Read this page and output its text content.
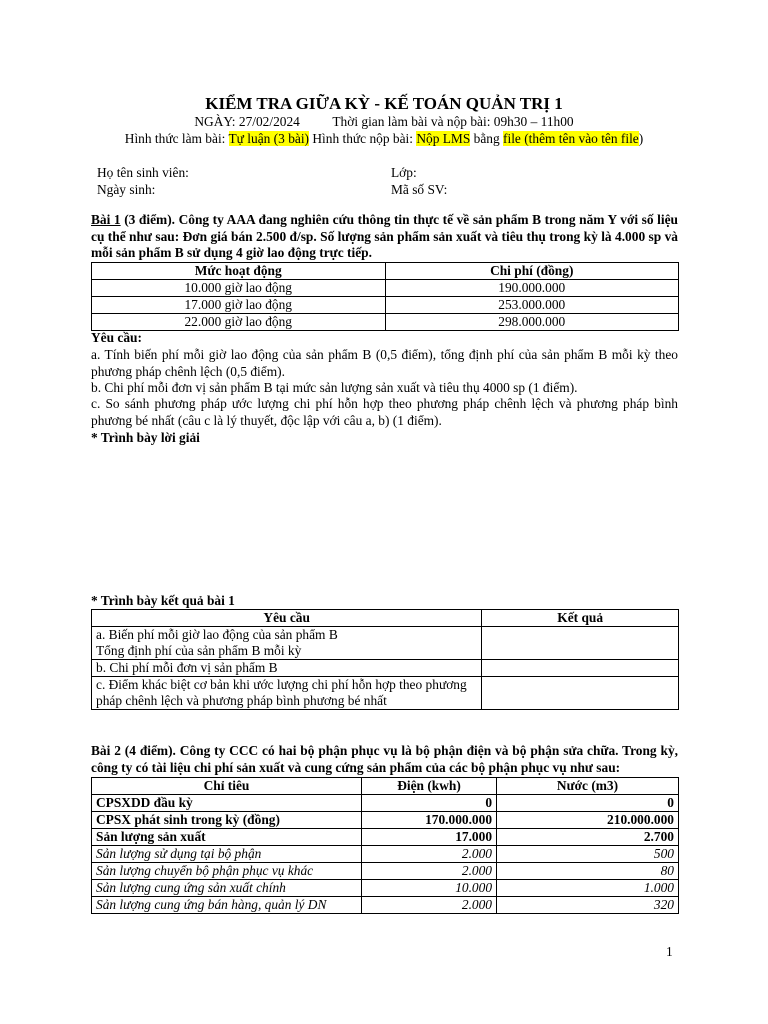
KIỂM TRA GIỮA KỲ - KẾ TOÁN QUẢN TRỊ 1
NGÀY: 27/02/2024 Thời gian làm bài và nộp bài: 09h30 – 11h00
Hình thức làm bài: Tự luận (3 bài) Hình thức nộp bài: Nộp LMS bằng file (thêm tên vào tên file)
Họ tên sinh viên:	Lớp:
Ngày sinh:	Mã số SV:
Bài 1 (3 điểm). Công ty AAA đang nghiên cứu thông tin thực tế về sản phẩm B trong năm Y với số liệu cụ thể như sau: Đơn giá bán 2.500 đ/sp. Số lượng sản phẩm sản xuất và tiêu thụ trong kỳ là 4.000 sp và mỗi sản phẩm B sử dụng 4 giờ lao động trực tiếp.
Mức hoạt động	Chi phí (đồng)
10.000 giờ lao động	190.000.000
17.000 giờ lao động	253.000.000
22.000 giờ lao động	298.000.000
Yêu cầu:
a. Tính biến phí mỗi giờ lao động của sản phẩm B (0,5 điểm), tổng định phí của sản phẩm B mỗi kỳ theo phương pháp chênh lệch (0,5 điểm).
b. Chi phí mỗi đơn vị sản phẩm B tại mức sản lượng sản xuất và tiêu thụ 4000 sp (1 điểm).
c. So sánh phương pháp ước lượng chi phí hỗn hợp theo phương pháp chênh lệch và phương pháp bình phương bé nhất (câu c là lý thuyết, độc lập với câu a, b) (1 điểm).
* Trình bày lời giải
* Trình bày kết quả bài 1
Yêu cầu	Kết quả

a. Biến phí mỗi giờ lao động của sản phẩm B
Tổng định phí của sản phẩm B mỗi kỳ	

b. Chi phí mỗi đơn vị sản phẩm B	

c. Điểm khác biệt cơ bản khi ước lượng chi phí hỗn hợp theo phương
pháp chênh lệch và phương pháp bình phương bé nhất	

Bài 2 (4 điểm). Công ty CCC có hai bộ phận phục vụ là bộ phận điện và bộ phận sửa chữa. Trong kỳ, công ty có tài liệu chi phí sản xuất và cung cứng sản phẩm của các bộ phận phục vụ như sau:
Chỉ tiêu	Điện (kwh)	Nước (m3)
CPSXDD đầu kỳ	0	0
CPSX phát sinh trong kỳ (đồng)	170.000.000	210.000.000
Sản lượng sản xuất	17.000	2.700
Sản lượng sử dụng tại bộ phận	2.000	500
Sản lượng chuyển bộ phận phục vụ khác	2.000	80
Sản lượng cung ứng sản xuất chính	10.000	1.000
Sản lượng cung ứng bán hàng, quản lý DN	2.000	320
1
